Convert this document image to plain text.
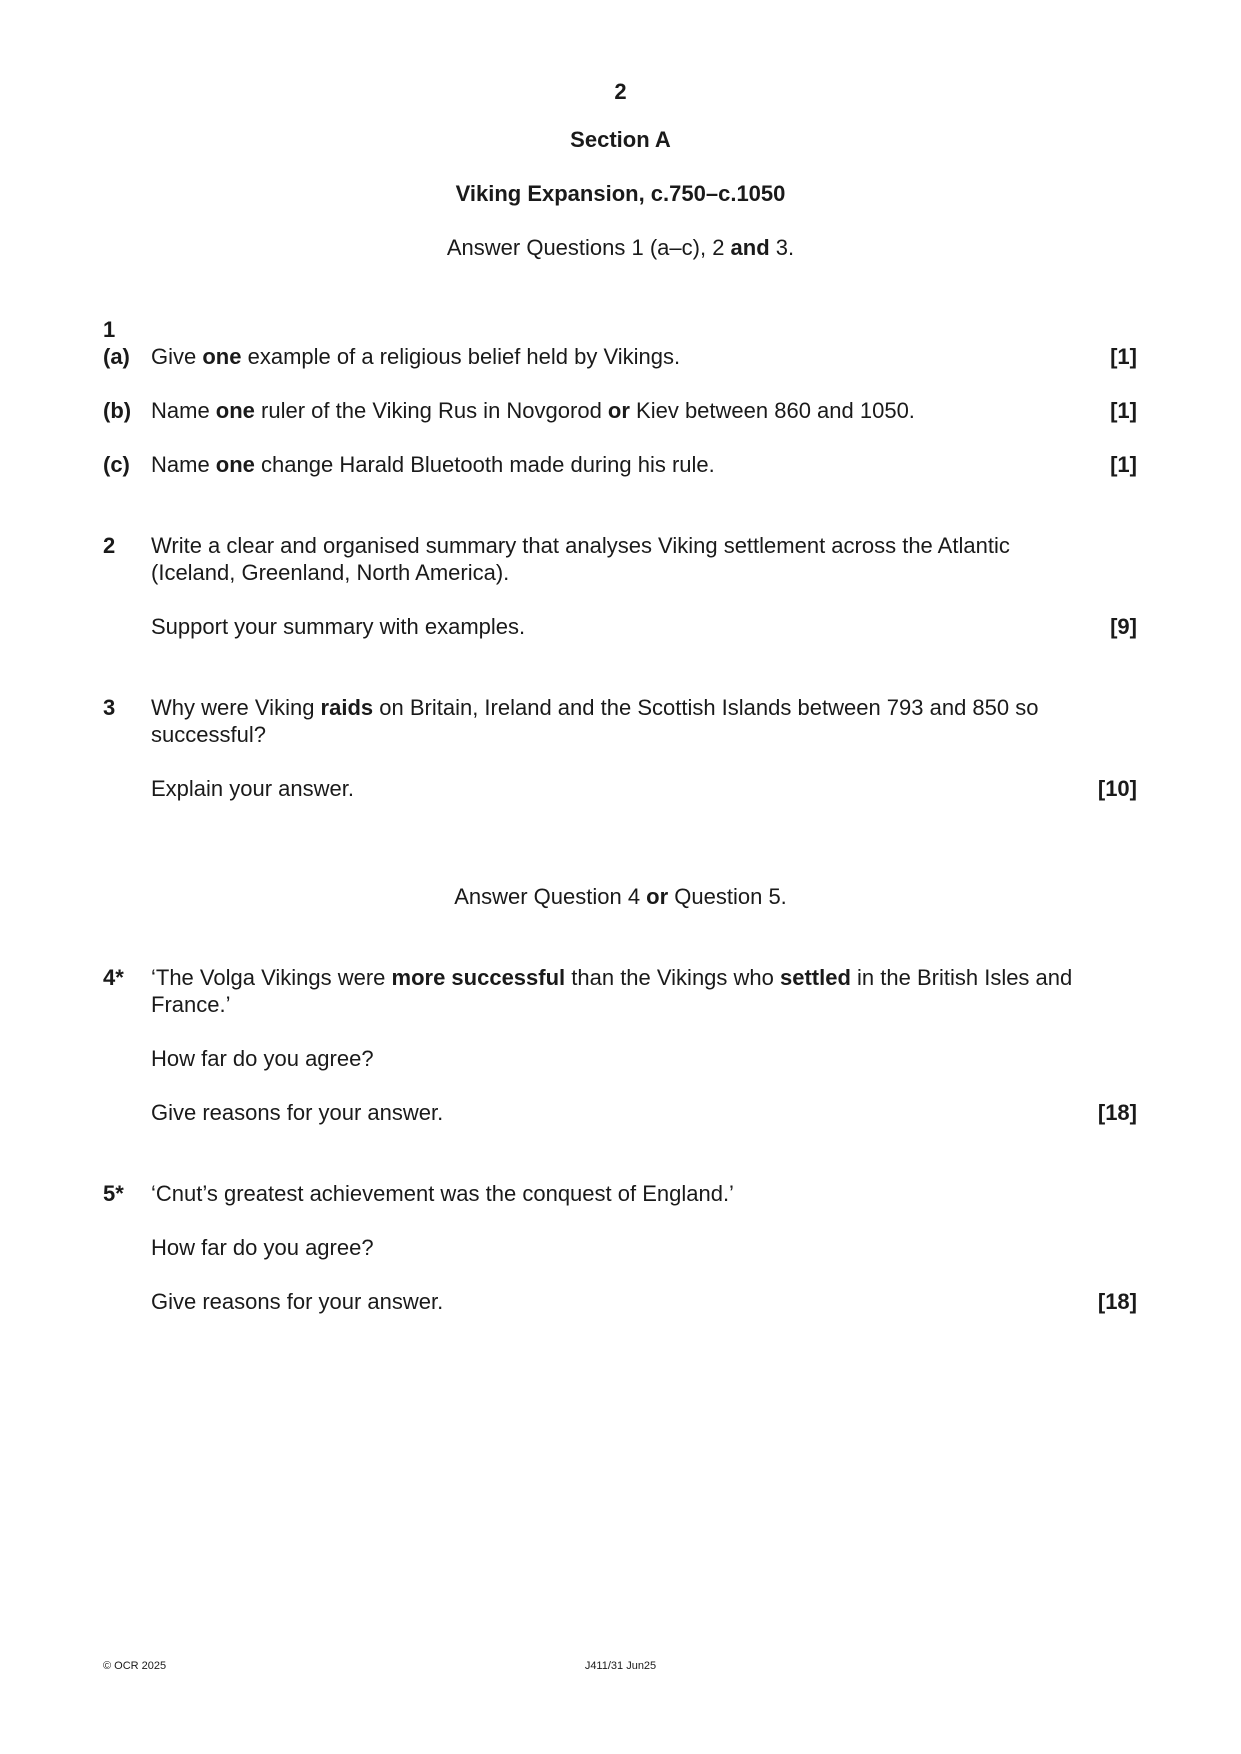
2
Section A
Viking Expansion, c.750–c.1050
Answer Questions 1 (a–c), 2 and 3.
1
(a) Give one example of a religious belief held by Vikings.	[1]
(b) Name one ruler of the Viking Rus in Novgorod or Kiev between 860 and 1050.	[1]
(c) Name one change Harald Bluetooth made during his rule.	[1]
2 Write a clear and organised summary that analyses Viking settlement across the Atlantic
(Iceland, Greenland, North America).
Support your summary with examples.	[9]
3 Why were Viking raids on Britain, Ireland and the Scottish Islands between 793 and 850 so
successful?
Explain your answer.	[10]
Answer Question 4 or Question 5.
4* ‘The Volga Vikings were more successful than the Vikings who settled in the British Isles and
France.’
How far do you agree?
Give reasons for your answer.	[18]
5* ‘Cnut’s greatest achievement was the conquest of England.’
How far do you agree?
Give reasons for your answer.	[18]
© OCR 2025	J411/31 Jun25
